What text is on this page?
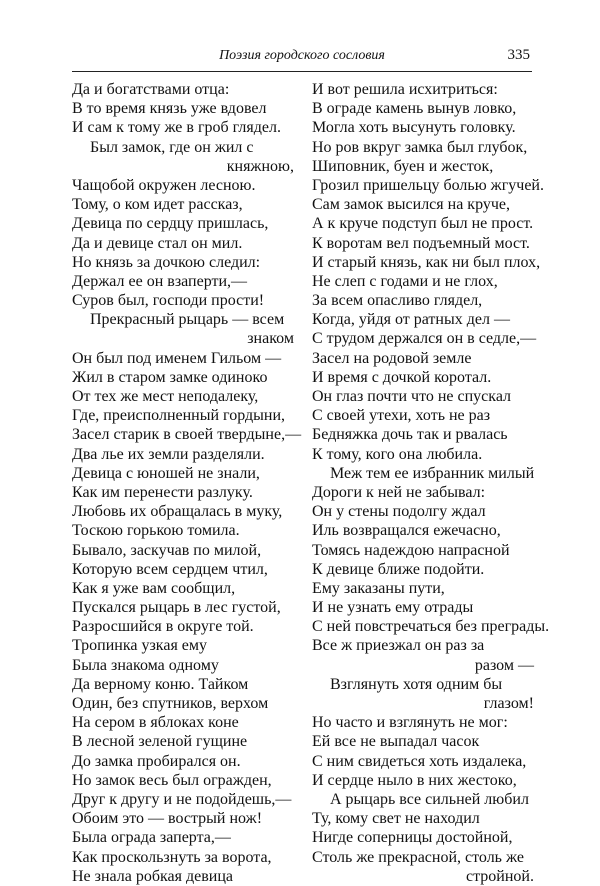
Поэзия городского сословия	335
Да и богатствами отца:
В то время князь уже вдовел
И сам к тому же в гроб глядел.
Был замок, где он жил с
княжною,
Чащобой окружен лесною.
Тому, о ком идет рассказ,
Девица по сердцу пришлась,
Да и девице стал он мил.
Но князь за дочкою следил:
Держал ее он взаперти,—
Суров был, господи прости!
Прекрасный рыцарь — всем
знаком
Он был под именем Гильом —
Жил в старом замке одиноко
От тех же мест неподалеку,
Где, преисполненный гордыни,
Засел старик в своей твердыне,—
Два лье их земли разделяли.
Девица с юношей не знали,
Как им перенести разлуку.
Любовь их обращалась в муку,
Тоскою горькою томила.
Бывало, заскучав по милой,
Которую всем сердцем чтил,
Как я уже вам сообщил,
Пускался рыцарь в лес густой,
Разросшийся в округе той.
Тропинка узкая ему
Была знакома одному
Да верному коню. Тайком
Один, без спутников, верхом
На сером в яблоках коне
В лесной зеленой гущине
До замка пробирался он.
Но замок весь был огражден,
Друг к другу и не подойдешь,—
Обоим это — вострый нож!
Была ограда заперта,—
Как проскользнуть за ворота,
Не знала робкая девица
И вот решила исхитриться:
В ограде камень вынув ловко,
Могла хоть высунуть головку.
Но ров вкруг замка был глубок,
Шиповник, буен и жесток,
Грозил пришельцу болью жгучей.
Сам замок высился на круче,
А к круче подступ был не прост.
К воротам вел подъемный мост.
И старый князь, как ни был плох,
Не слеп с годами и не глох,
За всем опасливо глядел,
Когда, уйдя от ратных дел —
С трудом держался он в седле,—
Засел на родовой земле
И время с дочкой коротал.
Он глаз почти что не спускал
С своей утехи, хоть не раз
Бедняжка дочь так и рвалась
К тому, кого она любила.
Меж тем ее избранник милый
Дороги к ней не забывал:
Он у стены подолгу ждал
Иль возвращался ежечасно,
Томясь надеждою напрасной
К девице ближе подойти.
Ему заказаны пути,
И не узнать ему отрады
С ней повстречаться без преграды.
Все ж приезжал он раз за
разом —
Взглянуть хотя одним бы
глазом!
Но часто и взглянуть не мог:
Ей все не выпадал часок
С ним свидеться хоть издалека,
И сердце ныло в них жестоко,
А рыцарь все сильней любил
Ту, кому свет не находил
Нигде соперницы достойной,
Столь же прекрасной, столь же
стройной.
